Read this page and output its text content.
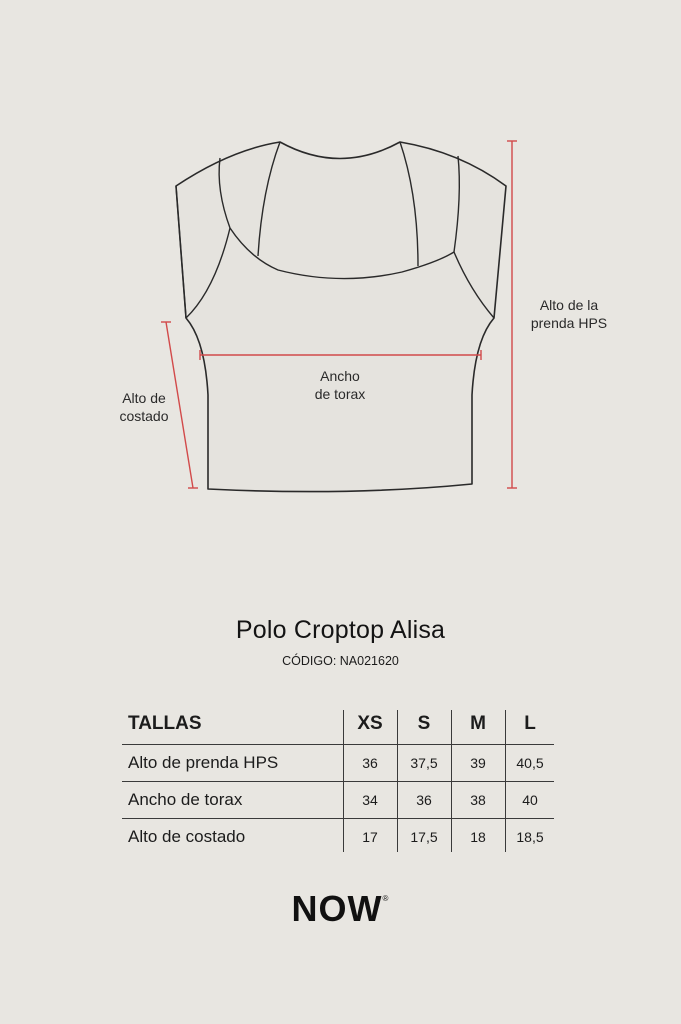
Alto de
costado
Ancho
de torax
Alto de la
prenda HPS
Polo Croptop Alisa
CÓDIGO: NA021620
TALLAS	XS	S	M	L
Alto de prenda HPS	36	37,5	39	40,5
Ancho de torax	34	36	38	40
Alto de costado	17	17,5	18	18,5
NOW®
